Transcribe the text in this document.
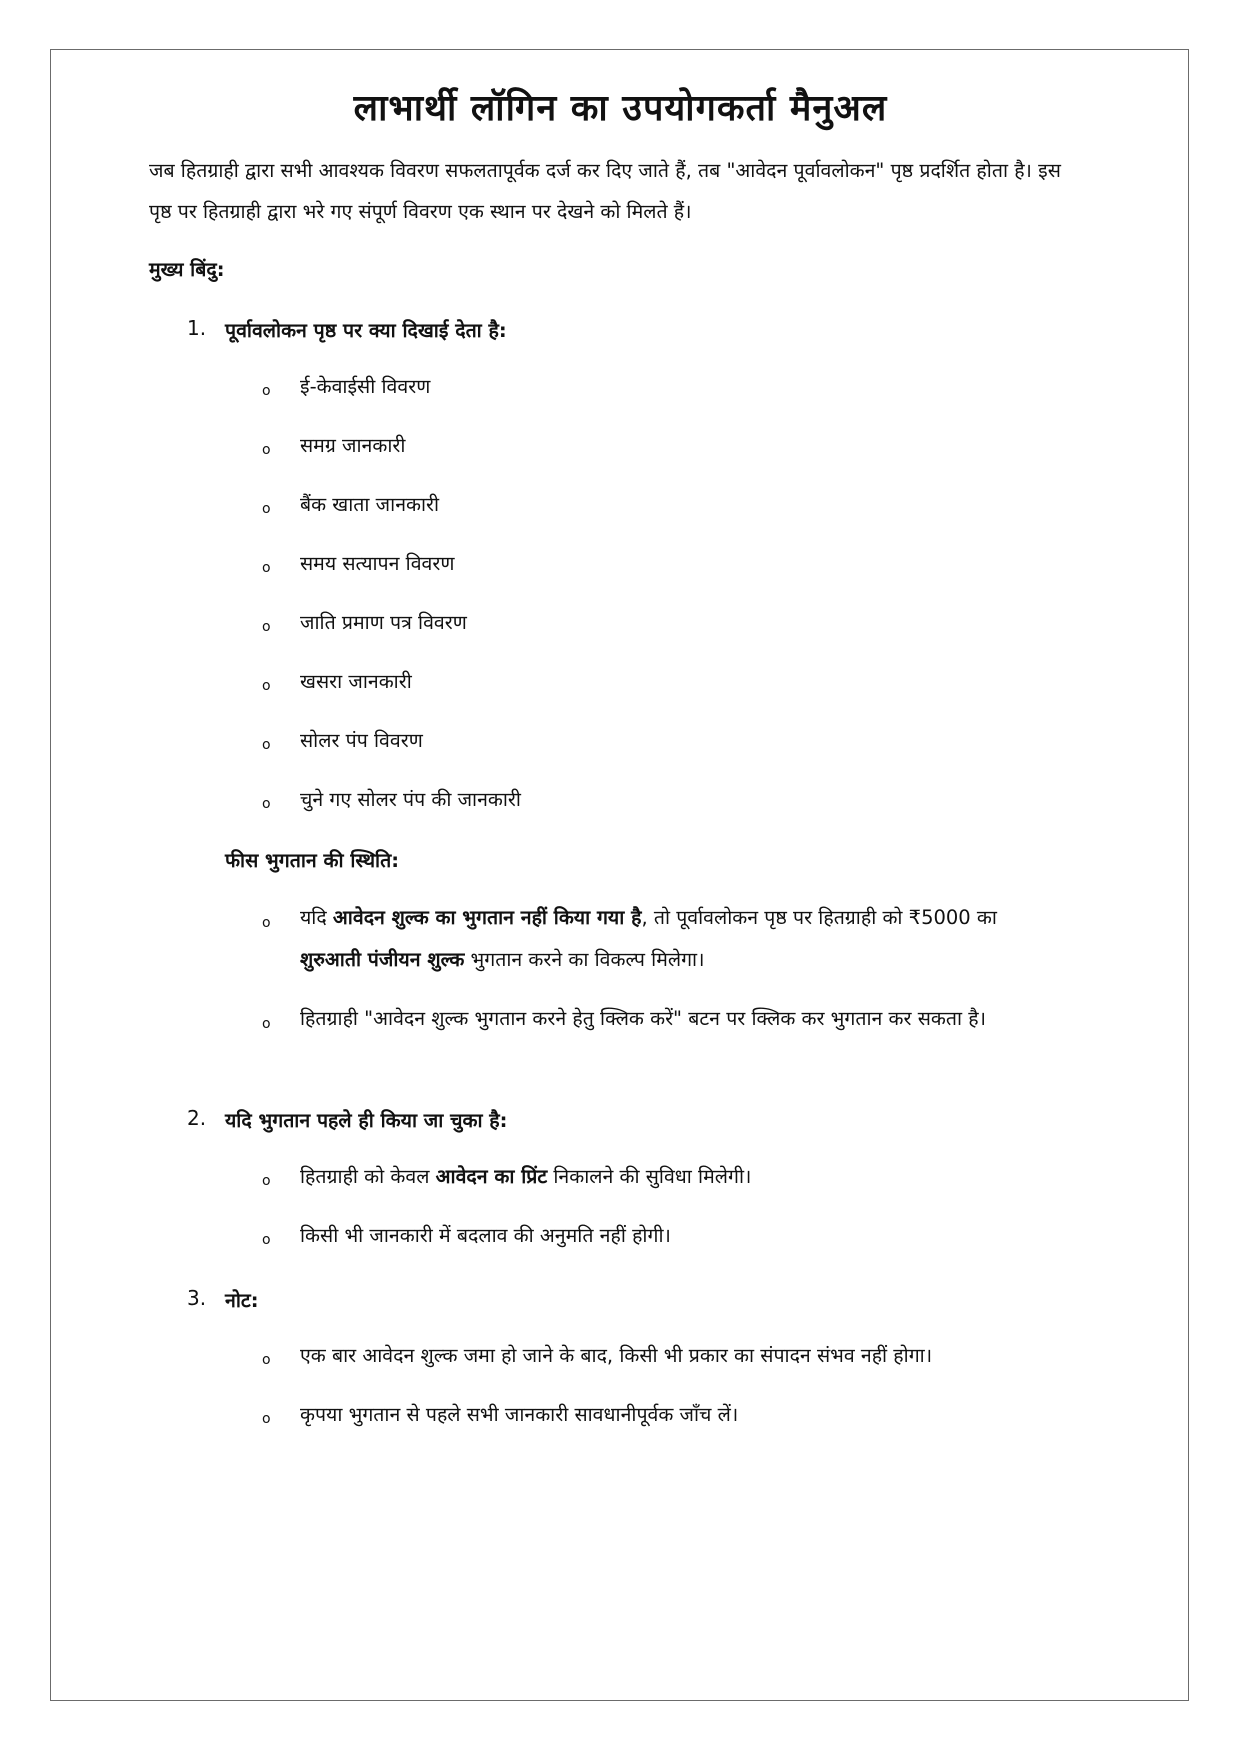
लाभार्थी लॉगिन का उपयोगकर्ता मैनुअल

जब हितग्राही द्वारा सभी आवश्यक विवरण सफलतापूर्वक दर्ज कर दिए जाते हैं, तब "आवेदन पूर्वावलोकन" पृष्ठ प्रदर्शित होता है। इस पृष्ठ पर हितग्राही द्वारा भरे गए संपूर्ण विवरण एक स्थान पर देखने को मिलते हैं।

मुख्य बिंदु:

1. पूर्वावलोकन पृष्ठ पर क्या दिखाई देता है:
o ई-केवाईसी विवरण
o समग्र जानकारी
o बैंक खाता जानकारी
o समय सत्यापन विवरण
o जाति प्रमाण पत्र विवरण
o खसरा जानकारी
o सोलर पंप विवरण
o चुने गए सोलर पंप की जानकारी
फीस भुगतान की स्थिति:
o यदि आवेदन शुल्क का भुगतान नहीं किया गया है, तो पूर्वावलोकन पृष्ठ पर हितग्राही को ₹5000 का शुरुआती पंजीयन शुल्क भुगतान करने का विकल्प मिलेगा।
o हितग्राही "आवेदन शुल्क भुगतान करने हेतु क्लिक करें" बटन पर क्लिक कर भुगतान कर सकता है।
2. यदि भुगतान पहले ही किया जा चुका है:
o हितग्राही को केवल आवेदन का प्रिंट निकालने की सुविधा मिलेगी।
o किसी भी जानकारी में बदलाव की अनुमति नहीं होगी।
3. नोट:
o एक बार आवेदन शुल्क जमा हो जाने के बाद, किसी भी प्रकार का संपादन संभव नहीं होगा।
o कृपया भुगतान से पहले सभी जानकारी सावधानीपूर्वक जाँच लें।
